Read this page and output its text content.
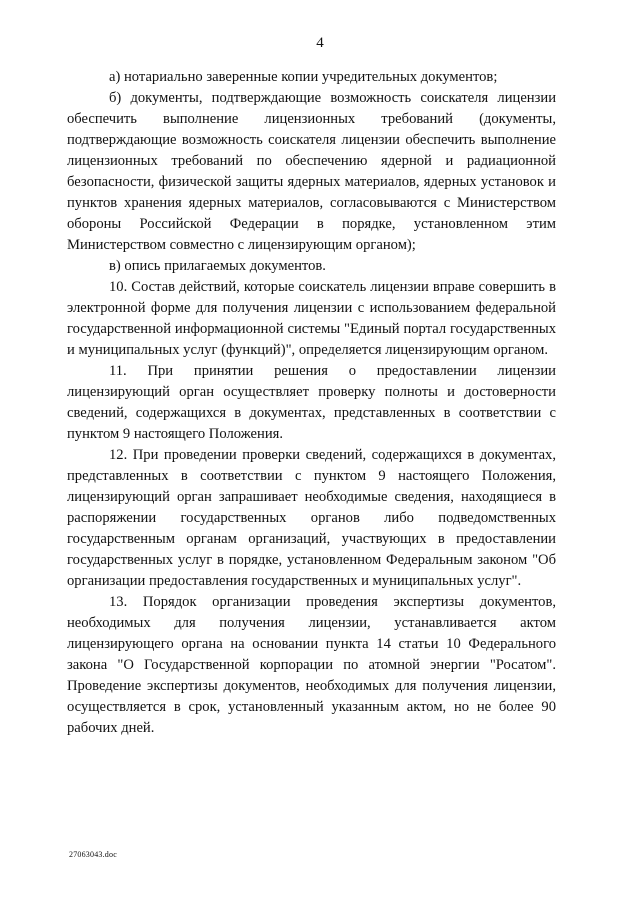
4

а) нотариально заверенные копии учредительных документов;

б) документы, подтверждающие возможность соискателя лицензии обеспечить выполнение лицензионных требований (документы, подтверждающие возможность соискателя лицензии обеспечить выполнение лицензионных требований по обеспечению ядерной и радиационной безопасности, физической защиты ядерных материалов, ядерных установок и пунктов хранения ядерных материалов, согласовываются с Министерством обороны Российской Федерации в порядке, установленном этим Министерством совместно с лицензирующим органом);

в) опись прилагаемых документов.

10. Состав действий, которые соискатель лицензии вправе совершить в электронной форме для получения лицензии с использованием федеральной государственной информационной системы "Единый портал государственных и муниципальных услуг (функций)", определяется лицензирующим органом.

11. При принятии решения о предоставлении лицензии лицензирующий орган осуществляет проверку полноты и достоверности сведений, содержащихся в документах, представленных в соответствии с пунктом 9 настоящего Положения.

12. При проведении проверки сведений, содержащихся в документах, представленных в соответствии с пунктом 9 настоящего Положения, лицензирующий орган запрашивает необходимые сведения, находящиеся в распоряжении государственных органов либо подведомственных государственным органам организаций, участвующих в предоставлении государственных услуг в порядке, установленном Федеральным законом "Об организации предоставления государственных и муниципальных услуг".

13. Порядок организации проведения экспертизы документов, необходимых для получения лицензии, устанавливается актом лицензирующего органа на основании пункта 14 статьи 10 Федерального закона "О Государственной корпорации по атомной энергии "Росатом". Проведение экспертизы документов, необходимых для получения лицензии, осуществляется в срок, установленный указанным актом, но не более 90 рабочих дней.

27063043.doc
